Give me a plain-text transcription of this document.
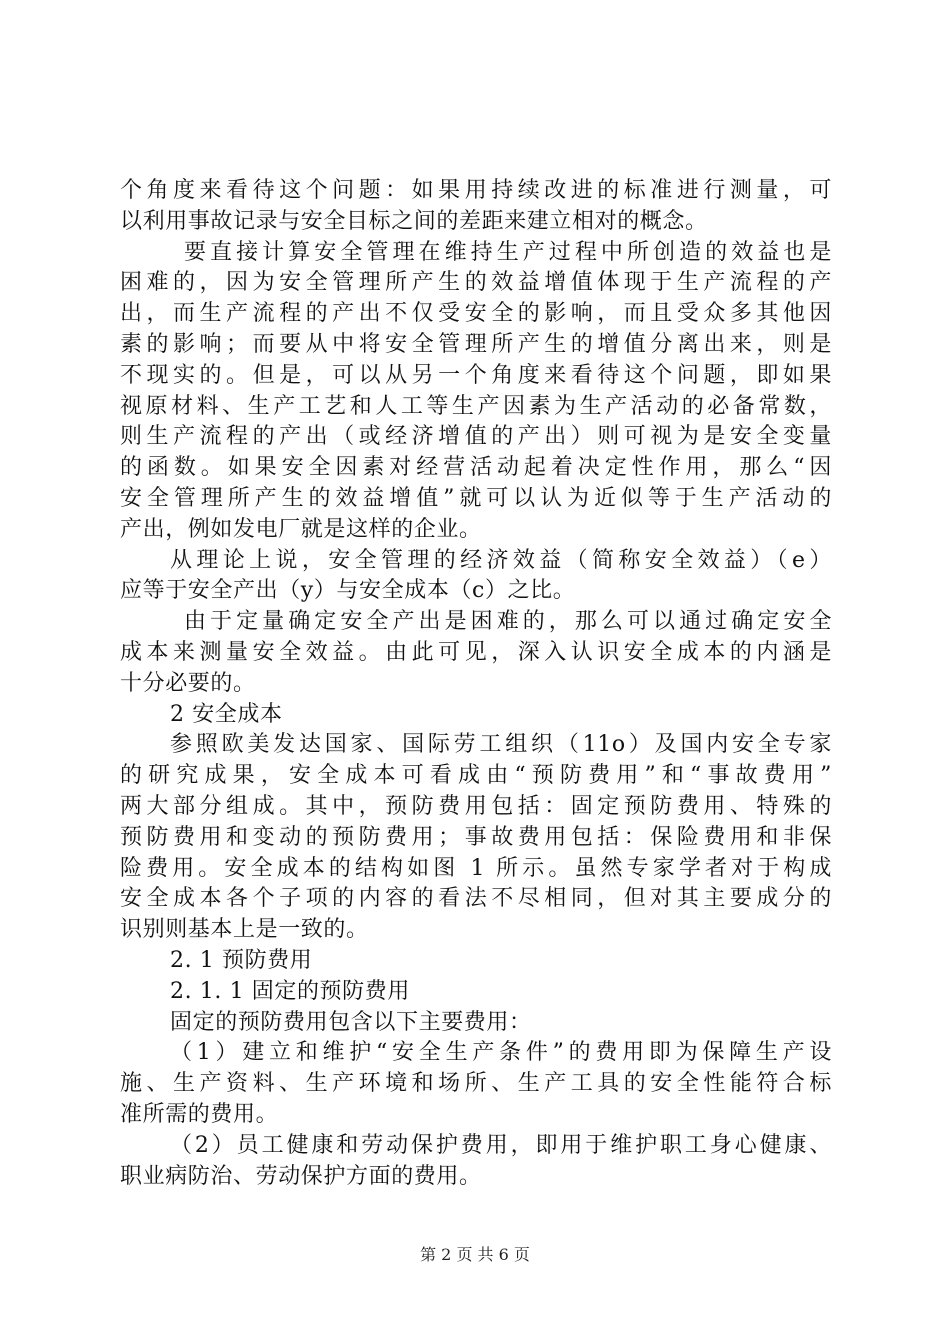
个角度来看待这个问题：如果用持续改进的标准进行测量，可
以利用事故记录与安全目标之间的差距来建立相对的概念。
要直接计算安全管理在维持生产过程中所创造的效益也是
困难的，因为安全管理所产生的效益增值体现于生产流程的产
出，而生产流程的产出不仅受安全的影响，而且受众多其他因
素的影响；而要从中将安全管理所产生的增值分离出来，则是
不现实的。但是，可以从另一个角度来看待这个问题，即如果
视原材料、生产工艺和人工等生产因素为生产活动的必备常数，
则生产流程的产出（或经济增值的产出）则可视为是安全变量
的函数。如果安全因素对经营活动起着决定性作用，那么“因
安全管理所产生的效益增值”就可以认为近似等于生产活动的
产出，例如发电厂就是这样的企业。
从理论上说，安全管理的经济效益（简称安全效益）（e）
应等于安全产出（y）与安全成本（c）之比。
由于定量确定安全产出是困难的，那么可以通过确定安全
成本来测量安全效益。由此可见，深入认识安全成本的内涵是
十分必要的。
2 安全成本
参照欧美发达国家、国际劳工组织（11o）及国内安全专家
的研究成果，安全成本可看成由“预防费用”和“事故费用”
两大部分组成。其中，预防费用包括：固定预防费用、特殊的
预防费用和变动的预防费用；事故费用包括：保险费用和非保
险费用。安全成本的结构如图 1 所示。虽然专家学者对于构成
安全成本各个子项的内容的看法不尽相同，但对其主要成分的
识别则基本上是一致的。
2. 1 预防费用
2. 1. 1 固定的预防费用
固定的预防费用包含以下主要费用：
（1）建立和维护“安全生产条件”的费用即为保障生产设
施、生产资料、生产环境和场所、生产工具的安全性能符合标
准所需的费用。
（2）员工健康和劳动保护费用，即用于维护职工身心健康、
职业病防治、劳动保护方面的费用。
第 2 页 共 6 页
